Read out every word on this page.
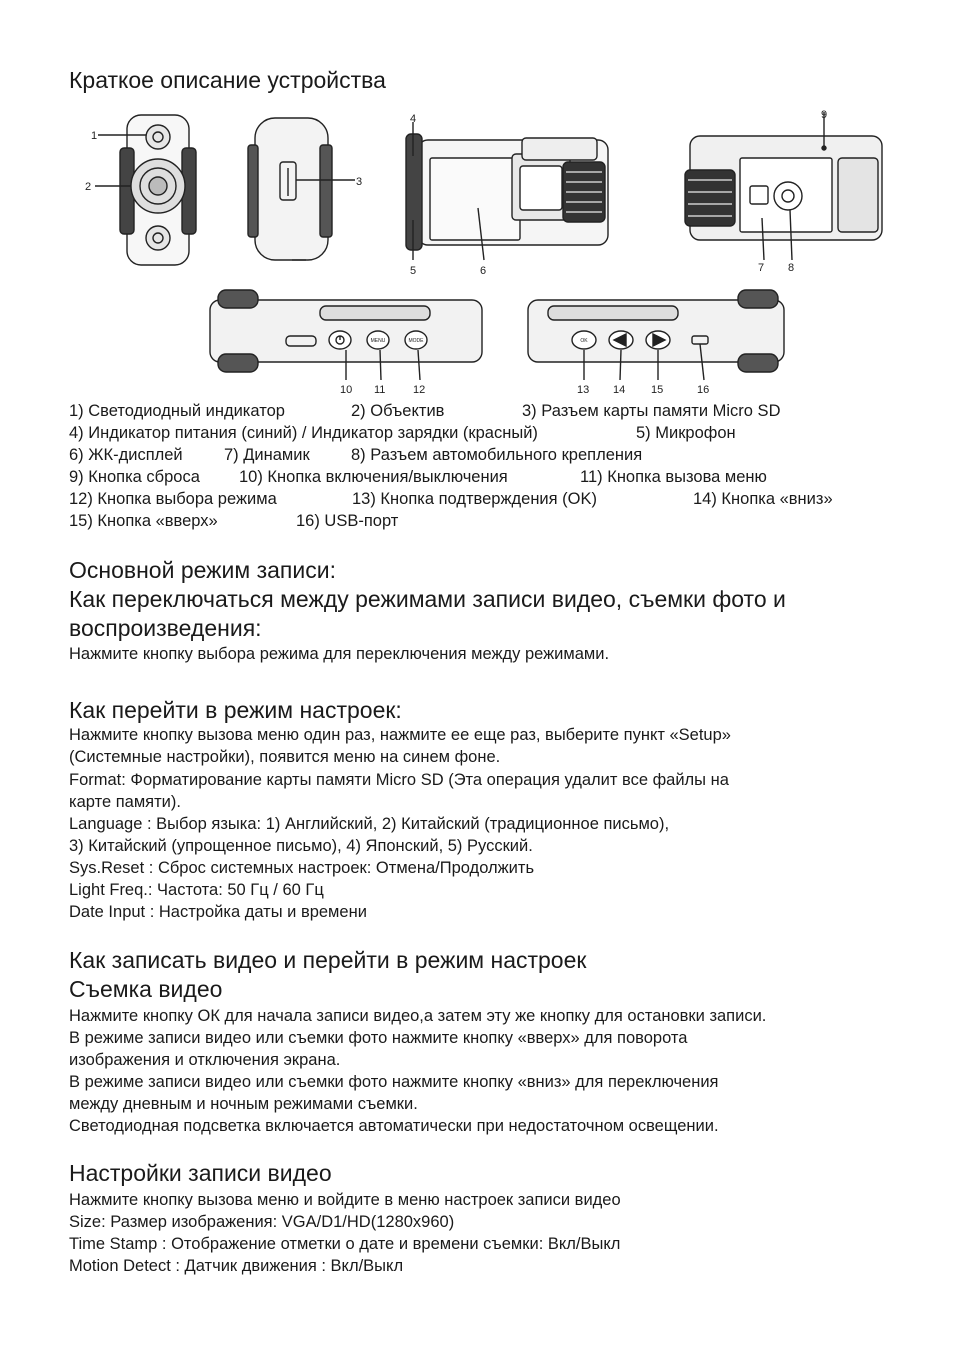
Краткое описание устройства
MENU	MODE	OK
1
2	3
4
5	6	7 8
9
10 11	12	13 14 15	16
1) Светодиодный индикатор	2) Объектив	3) Разъем карты памяти Micro SD
4) Индикатор питания (синий) / Индикатор зарядки (красный)	5) Микрофон
6) ЖК-дисплей	7) Динамик	8) Разъем автомобильного крепления
9) Кнопка сброса 10) Кнопка включения/выключения	11) Кнопка вызова меню
12) Кнопка выбора режима	13) Кнопка подтверждения (OK)	14) Кнопка «вниз»
15) Кнопка «вверх»	16) USB-порт
Основной режим записи:
Как переключаться между режимами записи видео, съемки фото и
воспроизведения:
Нажмите кнопку выбора режима для переключения между режимами.
Как перейти в режим настроек:
Нажмите кнопку вызова меню один раз, нажмите ее еще раз, выберите пункт «Setup»
(Системные настройки), появится меню на синем фоне.
Format: Форматирование карты памяти Micro SD (Эта операция удалит все файлы на
карте памяти).
Language : Выбор языка: 1) Английский, 2) Китайский (традиционное письмо),
3) Китайский (упрощенное письмо), 4) Японский, 5) Русский.
Sys.Reset : Сброс системных настроек: Отмена/Продолжить
Light Freq.: Частота: 50 Гц / 60 Гц
Date Input : Настройка даты и времени
Как записать видео и перейти в режим настроек
Съемка видео
Нажмите кнопку ОК для начала записи видео,а затем эту же кнопку для остановки записи.
В режиме записи видео или съемки фото нажмите кнопку «вверх» для поворота
изображения и отключения экрана.
В режиме записи видео или съемки фото нажмите кнопку «вниз» для переключения
между дневным и ночным режимами съемки.
Светодиодная подсветка включается автоматически при недостаточном освещении.
Настройки записи видео
Нажмите кнопку вызова меню и войдите в меню настроек записи видео
Size: Размер изображения: VGA/D1/HD(1280x960)
Time Stamp : Отображение отметки о дате и времени съемки: Вкл/Выкл
Motion Detect : Датчик движения : Вкл/Выкл
